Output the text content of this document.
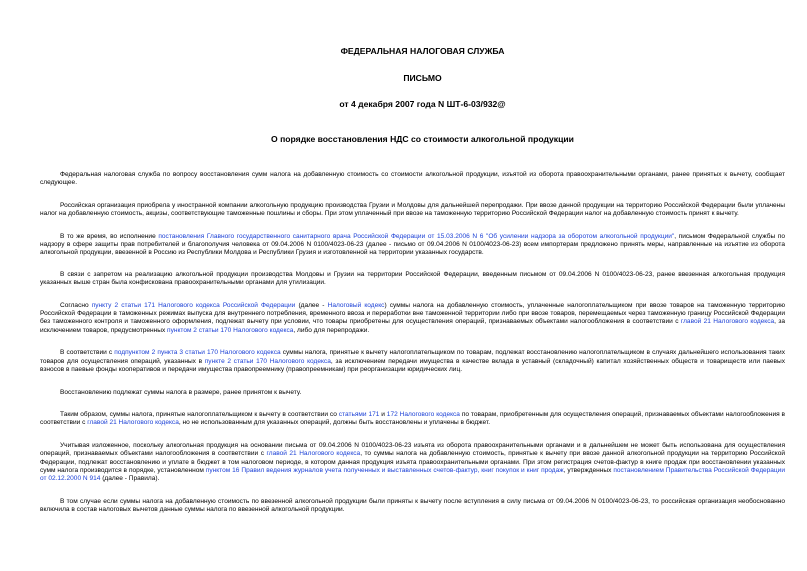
ФЕДЕРАЛЬНАЯ НАЛОГОВАЯ СЛУЖБА

ПИСЬМО

от 4 декабря 2007 года N ШТ-6-03/932@

О порядке восстановления НДС со стоимости алкогольной продукции

Федеральная налоговая служба по вопросу восстановления сумм налога на добавленную стоимость со стоимости алкогольной продукции, изъятой из оборота правоохранительными органами, ранее принятых к вычету, сообщает следующее.

Российская организация приобрела у иностранной компании алкогольную продукцию производства Грузии и Молдовы для дальнейшей перепродажи. При ввозе данной продукции на территорию Российской Федерации были уплачены налог на добавленную стоимость, акцизы, соответствующие таможенные пошлины и сборы. При этом уплаченный при ввозе на таможенную территорию Российской Федерации налог на добавленную стоимость принят к вычету.

В то же время, во исполнение постановления Главного государственного санитарного врача Российской Федерации от 15.03.2006 N 6 "Об усилении надзора за оборотом алкогольной продукции", письмом Федеральной службы по надзору в сфере защиты прав потребителей и благополучия человека от 09.04.2006 N 0100/4023-06-23 (далее - письмо от 09.04.2006 N 0100/4023-06-23) всем импортерам предложено принять меры, направленные на изъятие из оборота алкогольной продукции, ввезенной в Россию из Республики Молдова и Республики Грузия и изготовленной на территории указанных государств.

В связи с запретом на реализацию алкогольной продукции производства Молдовы и Грузии на территории Российской Федерации, введенным письмом от 09.04.2006 N 0100/4023-06-23, ранее ввезенная алкогольная продукция указанных выше стран была конфискована правоохранительными органами для утилизации.

Согласно пункту 2 статьи 171 Налогового кодекса Российской Федерации (далее - Налоговый кодекс) суммы налога на добавленную стоимость, уплаченные налогоплательщиком при ввозе товаров на таможенную территорию Российской Федерации в таможенных режимах выпуска для внутреннего потребления, временного ввоза и переработки вне таможенной территории либо при ввозе товаров, перемещаемых через таможенную границу Российской Федерации без таможенного контроля и таможенного оформления, подлежат вычету при условии, что товары приобретены для осуществления операций, признаваемых объектами налогообложения в соответствии с главой 21 Налогового кодекса, за исключением товаров, предусмотренных пунктом 2 статьи 170 Налогового кодекса, либо для перепродажи.

В соответствии с подпунктом 2 пункта 3 статьи 170 Налогового кодекса суммы налога, принятые к вычету налогоплательщиком по товарам, подлежат восстановлению налогоплательщиком в случаях дальнейшего использования таких товаров для осуществления операций, указанных в пункте 2 статьи 170 Налогового кодекса, за исключением передачи имущества в качестве вклада в уставный (складочный) капитал хозяйственных обществ и товариществ или паевых взносов в паевые фонды кооперативов и передачи имущества правопреемнику (правопреемникам) при реорганизации юридических лиц.

Восстановлению подлежат суммы налога в размере, ранее принятом к вычету.

Таким образом, суммы налога, принятые налогоплательщиком к вычету в соответствии со статьями 171 и 172 Налогового кодекса по товарам, приобретенным для осуществления операций, признаваемых объектами налогообложения в соответствии с главой 21 Налогового кодекса, но не использованным для указанных операций, должны быть восстановлены и уплачены в бюджет.

Учитывая изложенное, поскольку алкогольная продукция на основании письма от 09.04.2006 N 0100/4023-06-23 изъята из оборота правоохранительными органами и в дальнейшем не может быть использована для осуществления операций, признаваемых объектами налогообложения в соответствии с главой 21 Налогового кодекса, то суммы налога на добавленную стоимость, принятые к вычету при ввозе данной алкогольной продукции на территорию Российской Федерации, подлежат восстановлению и уплате в бюджет в том налоговом периоде, в котором данная продукция изъята правоохранительными органами. При этом регистрация счетов-фактур в книге продаж при восстановлении указанных сумм налога производится в порядке, установленном пунктом 16 Правил ведения журналов учета полученных и выставленных счетов-фактур, книг покупок и книг продаж, утвержденных постановлением Правительства Российской Федерации от 02.12.2000 N 914 (далее - Правила).

В том случае если суммы налога на добавленную стоимость по ввезенной алкогольной продукции были приняты к вычету после вступления в силу письма от 09.04.2006 N 0100/4023-06-23, то российская организация необоснованно включила в состав налоговых вычетов данные суммы налога по ввезенной алкогольной продукции.
